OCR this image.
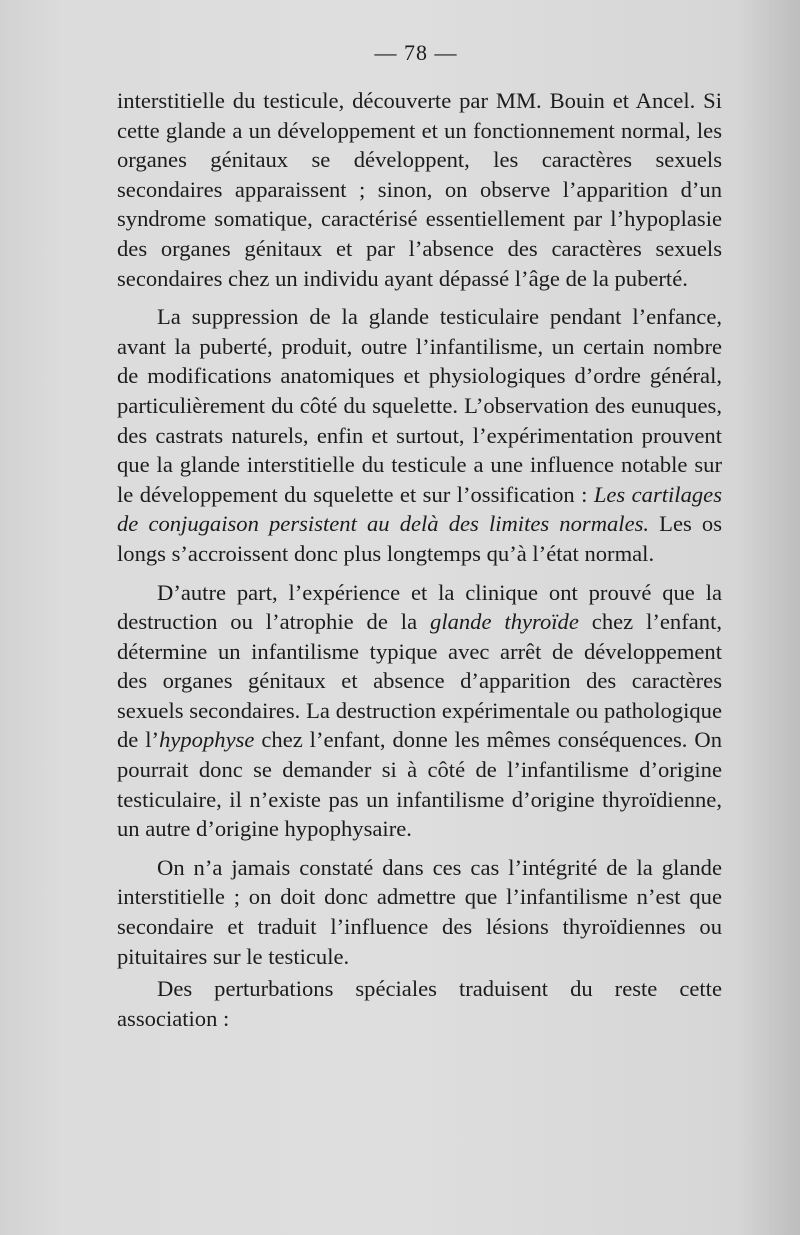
— 78 —

interstitielle du testicule, découverte par MM. Bouin et Ancel. Si cette glande a un développement et un fonctionnement normal, les organes génitaux se développent, les caractères sexuels secondaires apparaissent ; sinon, on observe l’apparition d’un syndrome somatique, caractérisé essentiellement par l’hypoplasie des organes génitaux et par l’absence des caractères sexuels secondaires chez un individu ayant dépassé l’âge de la puberté.

La suppression de la glande testiculaire pendant l’enfance, avant la puberté, produit, outre l’infantilisme, un certain nombre de modifications anatomiques et physiologiques d’ordre général, particulièrement du côté du squelette. L’observation des eunuques, des castrats naturels, enfin et surtout, l’expérimentation prouvent que la glande interstitielle du testicule a une influence notable sur le développement du squelette et sur l’ossification : Les cartilages de conjugaison persistent au delà des limites normales. Les os longs s’accroissent donc plus longtemps qu’à l’état normal.

D’autre part, l’expérience et la clinique ont prouvé que la destruction ou l’atrophie de la glande thyroïde chez l’enfant, détermine un infantilisme typique avec arrêt de développement des organes génitaux et absence d’apparition des caractères sexuels secondaires. La destruction expérimentale ou pathologique de l’hypophyse chez l’enfant, donne les mêmes conséquences. On pourrait donc se demander si à côté de l’infantilisme d’origine testiculaire, il n’existe pas un infantilisme d’origine thyroïdienne, un autre d’origine hypophysaire.

On n’a jamais constaté dans ces cas l’intégrité de la glande interstitielle ; on doit donc admettre que l’infantilisme n’est que secondaire et traduit l’influence des lésions thyroïdiennes ou pituitaires sur le testicule.

Des perturbations spéciales traduisent du reste cette association :
